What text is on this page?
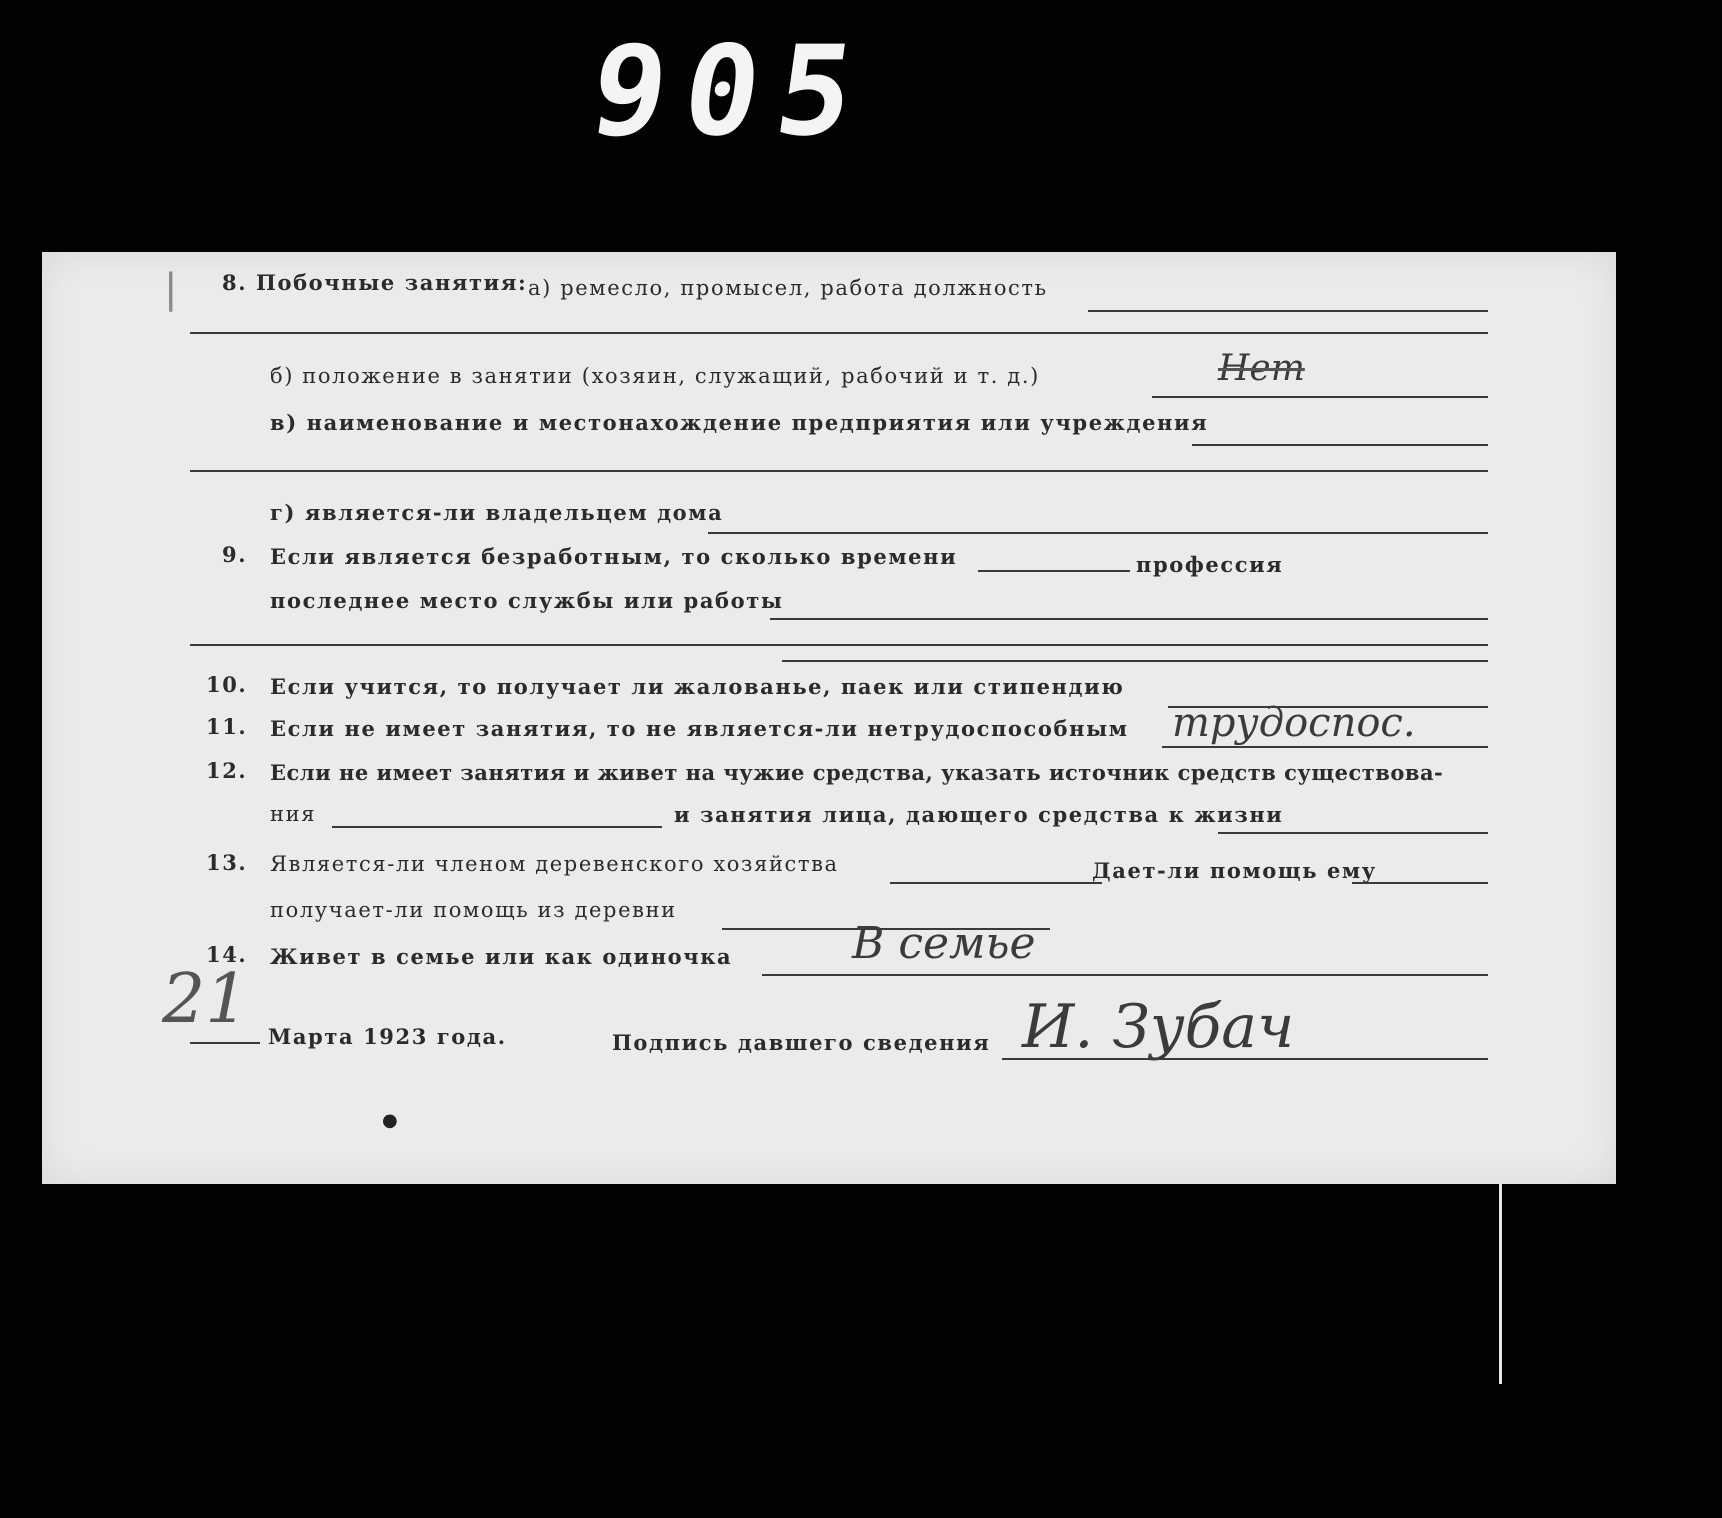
905
8. Побочные занятия: а) ремесло, промысел, работа должность
б) положение в занятии (хозяин, служащий, рабочий и т. д.)	Нет
в) наименование и местонахождение предприятия или учреждения
г) является-ли владельцем дома
9. Если является безработным, то сколько времени	профессия
последнее место службы или работы
10. Если учится, то получает ли жалованье, паек или стипендию
11. Если не имеет занятия, то не является-ли нетрудоспособным трудоспос.
12. Если не имеет занятия и живет на чужие средства, указать источник средств существова-
ния	и занятия лица, дающего средства к жизни
13. Является-ли членом деревенского хозяйства	Дает-ли помощь ему
получает-ли помощь из деревни
14. Живет в семье или как одиночка	В семье
21 Марта 1923 года.	Подпись давшего сведения И. Зубач
|
●
